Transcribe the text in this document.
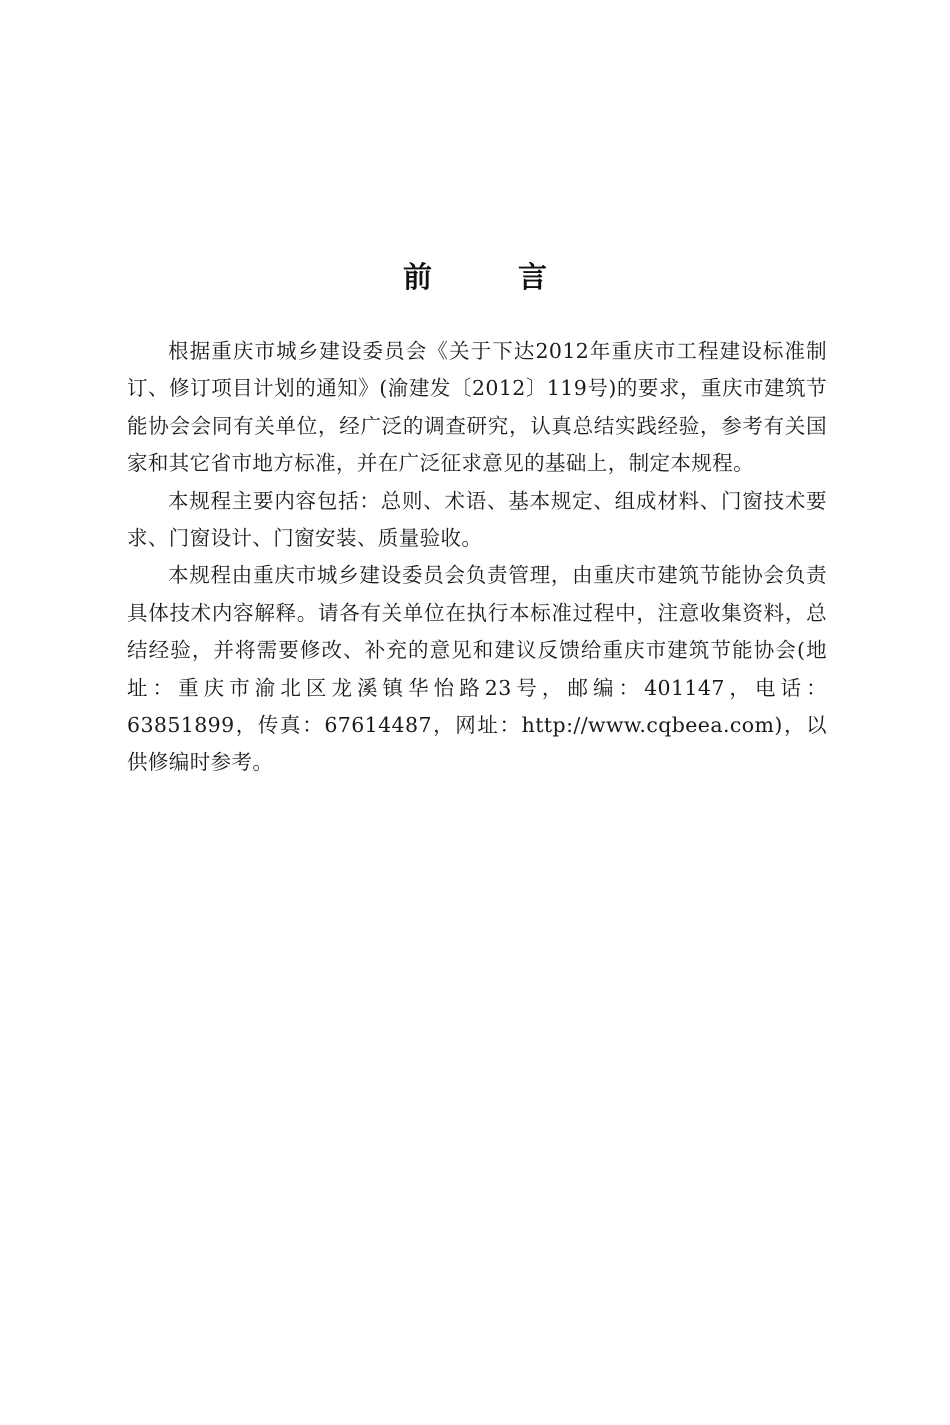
前 言

根据重庆市城乡建设委员会《关于下达2012年重庆市工程建设标准制订、修订项目计划的通知》(渝建发〔2012〕119号)的要求，重庆市建筑节能协会会同有关单位，经广泛的调查研究，认真总结实践经验，参考有关国家和其它省市地方标准，并在广泛征求意见的基础上，制定本规程。

本规程主要内容包括：总则、术语、基本规定、组成材料、门窗技术要求、门窗设计、门窗安装、质量验收。

本规程由重庆市城乡建设委员会负责管理，由重庆市建筑节能协会负责具体技术内容解释。请各有关单位在执行本标准过程中，注意收集资料，总结经验，并将需要修改、补充的意见和建议反馈给重庆市建筑节能协会(地址：重庆市渝北区龙溪镇华怡路23号，邮编：401147，电话：63851899，传真：67614487，网址：http://www.cqbeea.com)，以供修编时参考。
